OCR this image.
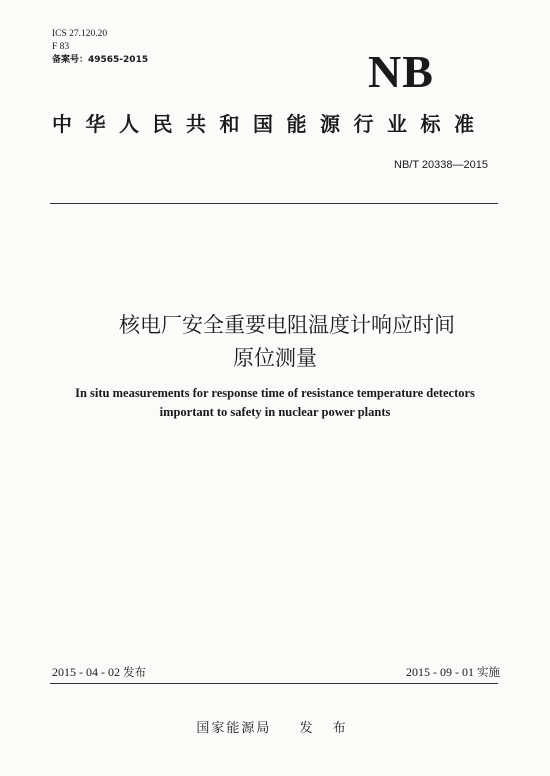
ICS 27.120.20
F 83
备案号：49565-2015	NB
中华人民共和国能源行业标准
NB/T 20338—2015
核电厂安全重要电阻温度计响应时间
原位测量
In situ measurements for response time of resistance temperature detectors
important to safety in nuclear power plants
2015 - 04 - 02 发布	2015 - 09 - 01 实施
国家能源局 发 布
